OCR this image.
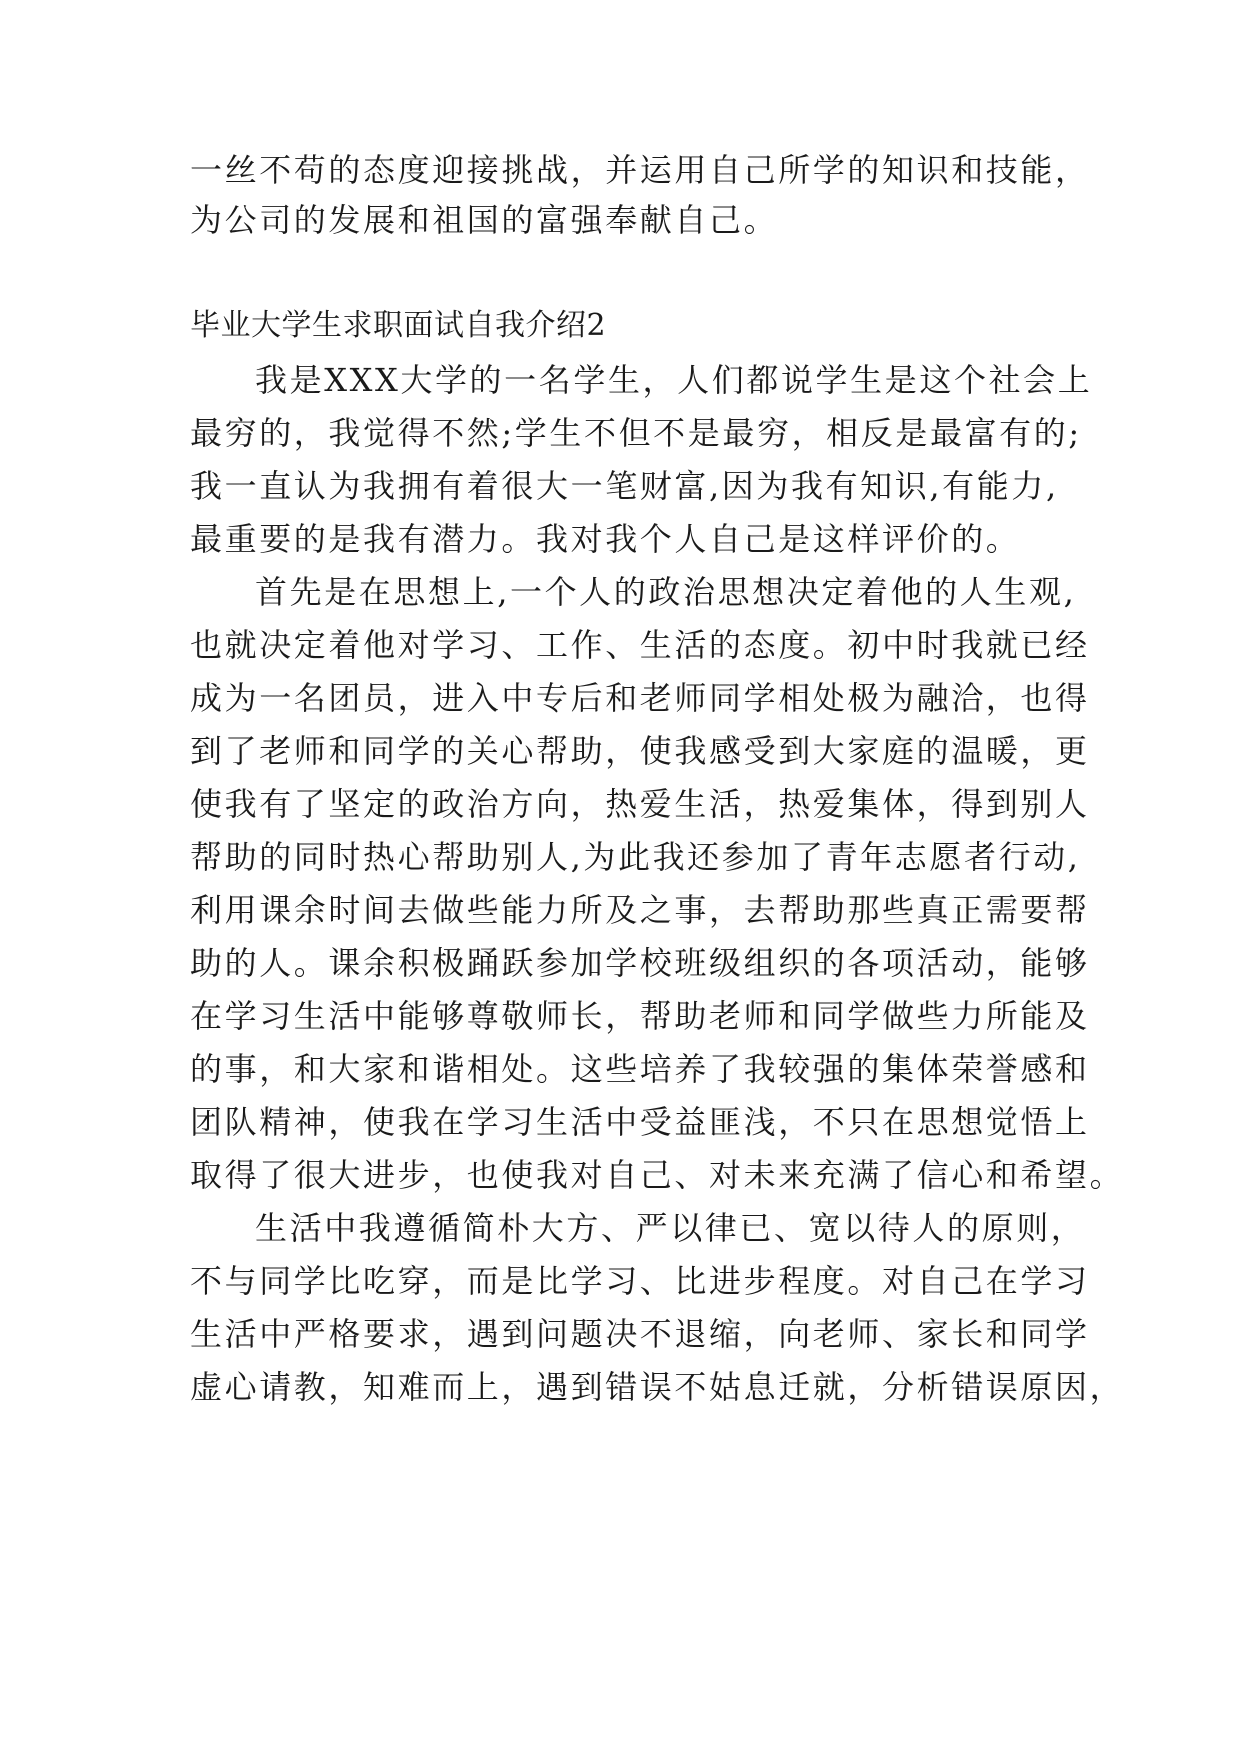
一丝不苟的态度迎接挑战，并运用自己所学的知识和技能，

为公司的发展和祖国的富强奉献自己。

毕业大学生求职面试自我介绍2

我是XXX大学的一名学生，人们都说学生是这个社会上

最穷的，我觉得不然;学生不但不是最穷，相反是最富有的;

我一直认为我拥有着很大一笔财富,因为我有知识,有能力,

最重要的是我有潜力。我对我个人自己是这样评价的。

首先是在思想上,一个人的政治思想决定着他的人生观,

也就决定着他对学习、工作、生活的态度。初中时我就已经

成为一名团员，进入中专后和老师同学相处极为融洽，也得

到了老师和同学的关心帮助，使我感受到大家庭的温暖，更

使我有了坚定的政治方向，热爱生活，热爱集体，得到别人

帮助的同时热心帮助别人,为此我还参加了青年志愿者行动,

利用课余时间去做些能力所及之事，去帮助那些真正需要帮

助的人。课余积极踊跃参加学校班级组织的各项活动，能够

在学习生活中能够尊敬师长，帮助老师和同学做些力所能及

的事，和大家和谐相处。这些培养了我较强的集体荣誉感和

团队精神，使我在学习生活中受益匪浅，不只在思想觉悟上

取得了很大进步，也使我对自己、对未来充满了信心和希望。

生活中我遵循简朴大方、严以律已、宽以待人的原则，

不与同学比吃穿，而是比学习、比进步程度。对自己在学习

生活中严格要求，遇到问题决不退缩，向老师、家长和同学

虚心请教，知难而上，遇到错误不姑息迁就，分析错误原因，
